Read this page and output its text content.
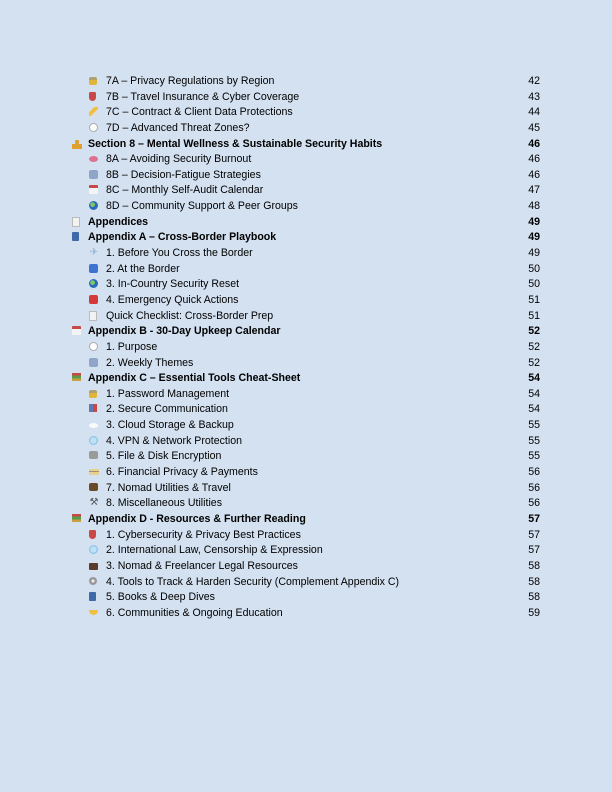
7A – Privacy Regulations by Region	42
7B – Travel Insurance & Cyber Coverage	43
7C – Contract & Client Data Protections	44
7D – Advanced Threat Zones?	45
Section 8 – Mental Wellness & Sustainable Security Habits	46
8A – Avoiding Security Burnout	46
8B – Decision-Fatigue Strategies	46
8C – Monthly Self-Audit Calendar	47
8D – Community Support & Peer Groups	48
Appendices	49
Appendix A – Cross-Border Playbook	49
✈ 1. Before You Cross the Border	49
2. At the Border	50
3. In-Country Security Reset	50
4. Emergency Quick Actions	51
Quick Checklist: Cross-Border Prep	51
Appendix B - 30-Day Upkeep Calendar	52
1. Purpose	52
2. Weekly Themes	52
Appendix C – Essential Tools Cheat-Sheet	54
1. Password Management	54
2. Secure Communication	54
3. Cloud Storage & Backup	55
4. VPN & Network Protection	55
5. File & Disk Encryption	55
6. Financial Privacy & Payments	56
7. Nomad Utilities & Travel	56
⚒ 8. Miscellaneous Utilities	56
Appendix D - Resources & Further Reading	57
1. Cybersecurity & Privacy Best Practices	57
2. International Law, Censorship & Expression	57
3. Nomad & Freelancer Legal Resources	58
4. Tools to Track & Harden Security (Complement Appendix C)	58
5. Books & Deep Dives	58
6. Communities & Ongoing Education	59
